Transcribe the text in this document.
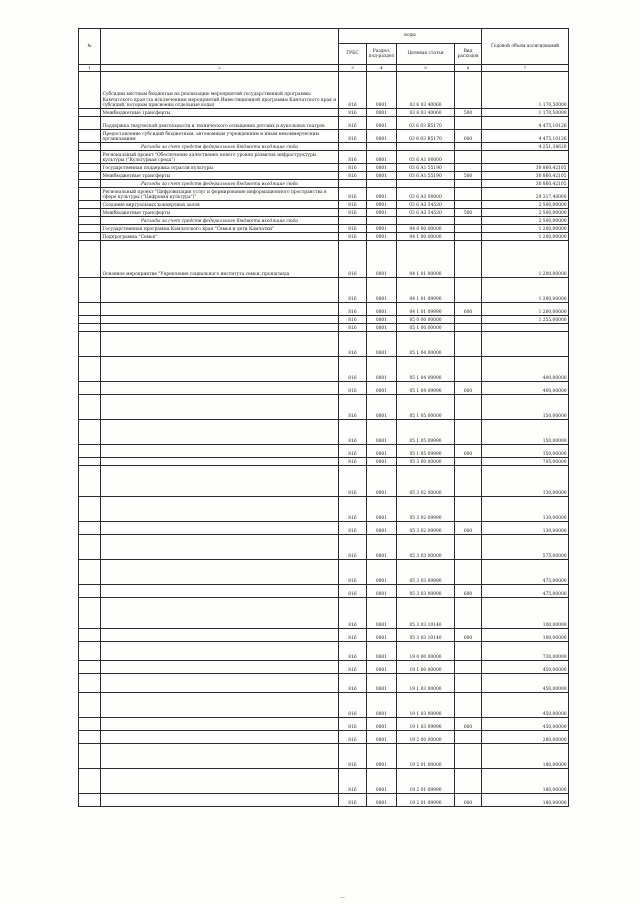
№		коды				Годовой объем ассигнований
		ГРБС	Раздел, под-раздел	Целевая статья	Вид расходов	
1	2	3	4	5	6	7
	Субсидии местным бюджетам на реализацию мероприятий государственной программы Камчатского края (за исключением мероприятий Инвестиционной программы Камчатского края и субсидий, которым присвоены отдельные коды)	816	0801	03 6 03 40060		1 170,50000
	Межбюджетные трансферты	816	0801	03 6 03 40060	500	1 170,50000
	Поддержка творческой деятельности и технического оснащения детских и кукольных театров	816	0801	03 6 03 R5170		4 475,10126
	Предоставление субсидий бюджетным, автономным учреждениям и иным некоммерческим организациям	816	0801	03 6 03 R5170	600	4 475,10126
	Расходы за счет средств федерального бюджета входящие сюда					4 251,34620
	Региональный проект "Обеспечение качественно нового уровня развития инфраструктуры культуры ("Культурная среда")	816	0801	03 6 A1 00000		
	Государственная поддержка отрасли культуры	816	0801	03 6 A1 55190		30 860,42105
	Межбюджетные трансферты	816	0801	03 6 A1 55190	500	30 860,42105
	Расходы за счет средств федерального бюджета входящие сюда					30 860,42105
	Региональный проект "Цифровизация услуг и формирование информационного пространства в сфере культуры ("Цифровая культура")"	816	0801	03 6 A3 00000		29 317,40000
	Создание виртуальных концертных залов	816	0801	03 6 A3 54530		2 500,00000
	Межбюджетные трансферты	816	0801	03 6 A3 54530	500	2 500,00000
	Расходы за счет средств федерального бюджета входящие сюда					2 500,00000
	Государственная программа Камчатского края "Семья и дети Камчатки"	816	0801	04 0 00 00000		1 200,00000
	Подпрограмма "Семья"	816	0801	04 1 00 00000		1 200,00000
	Основное мероприятие "Укрепление социального института семьи, пропаганда	816	0801	04 1 01 00000		1 200,00000
		816	0801	04 1 01 09990		1 200,00000
		816	0801	04 1 01 09990	600	1 200,00000
		816	0801	05 0 00 00000		1 255,00000
		816	0801	05 1 00 00000		
		816	0801	05 1 04 00000		
		816	0801	05 1 04 09990		400,00000
		816	0801	05 1 04 09990	600	400,00000
		816	0801	05 1 05 00000		150,00000
		816	0801	05 1 05 09990		150,00000
		816	0801	05 1 05 09990	600	150,00000
		816	0801	05 3 00 00000		705,00000
		816	0801	05 3 02 00000		130,00000
		816	0801	05 3 02 09990		130,00000
		816	0801	05 3 02 09990	600	130,00000
		816	0801	05 3 03 00000		575,00000
		816	0801	05 3 03 09990		475,00000
		816	0801	05 3 03 09990	600	475,00000
		816	0801	05 3 03 10140		100,00000
		816	0801	05 3 03 10140	600	100,00000
		816	0801	19 0 00 00000		730,00000
		816	0801	19 1 00 00000		450,00000
		816	0801	19 1 03 00000		450,00000
		816	0801	19 1 03 09990		450,00000
		816	0801	19 1 03 09990	600	450,00000
		816	0801	19 2 00 00000		280,00000
		816	0801	19 2 01 00000		180,00000
		816	0801	19 2 01 09990		180,00000
		816	0801	19 2 01 09990	600	180,00000
—
